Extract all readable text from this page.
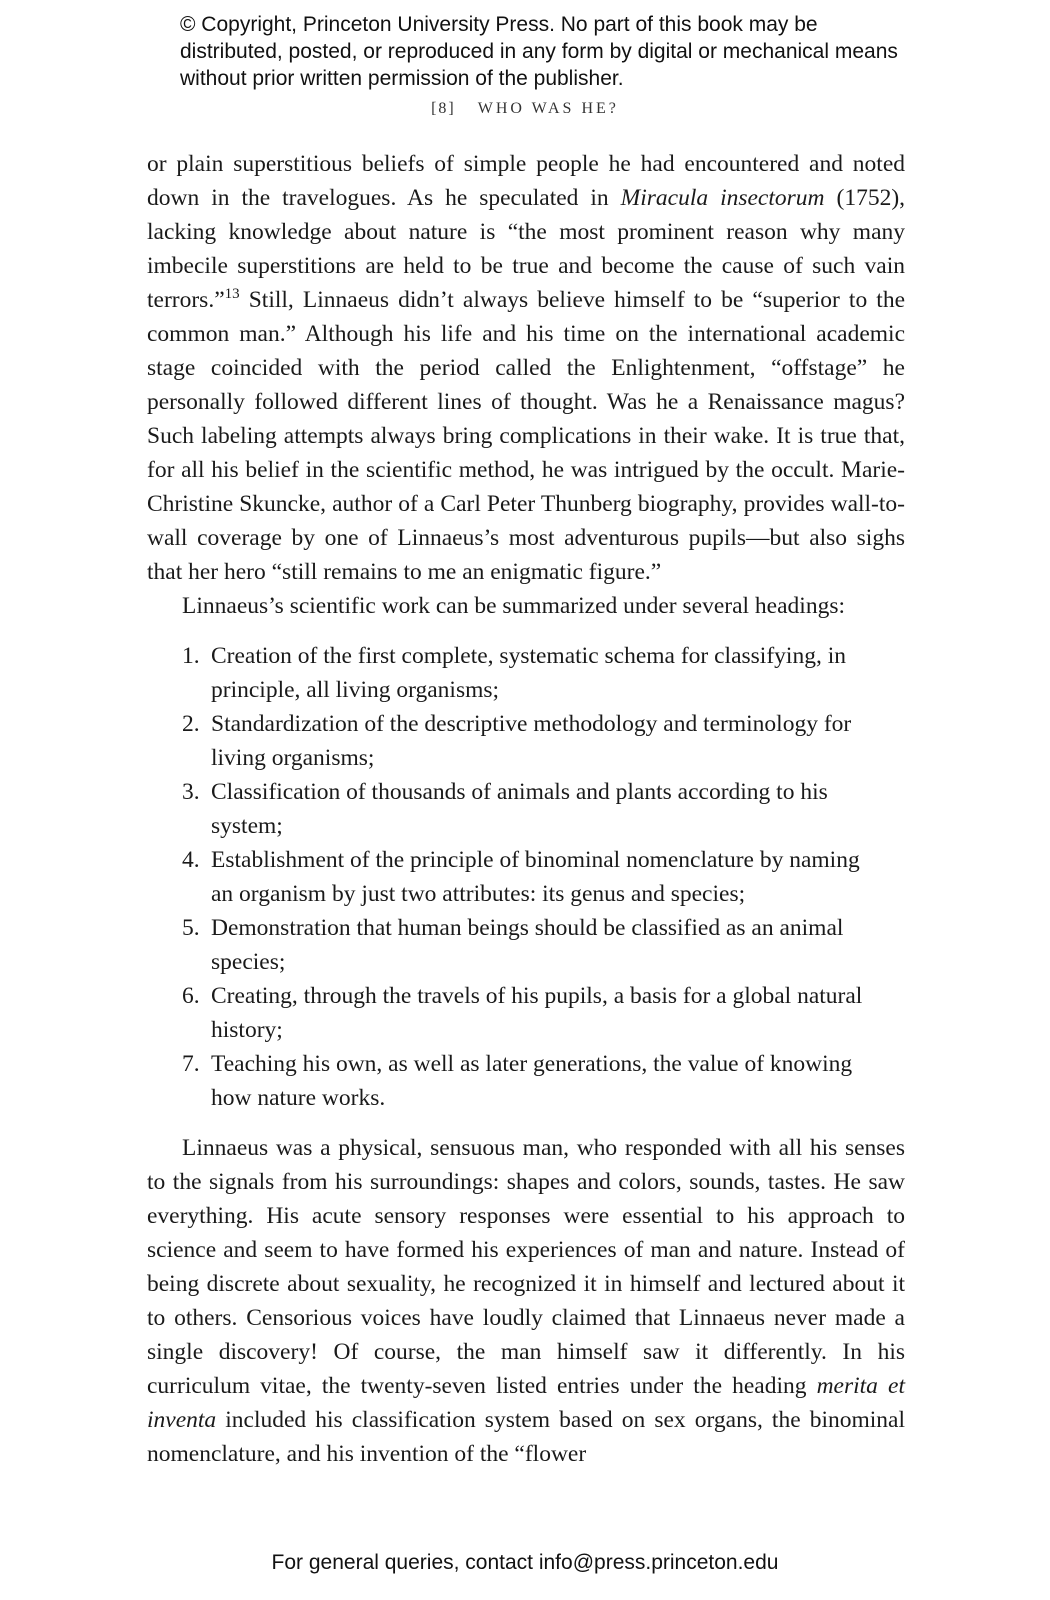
© Copyright, Princeton University Press. No part of this book may be distributed, posted, or reproduced in any form by digital or mechanical means without prior written permission of the publisher.
[8] WHO WAS HE?

or plain superstitious beliefs of simple people he had encountered and noted down in the travelogues. As he speculated in Miracula insectorum (1752), lacking knowledge about nature is “the most prominent reason why many imbecile superstitions are held to be true and become the cause of such vain terrors.”$^{13}$ Still, Linnaeus didn’t always believe himself to be “superior to the common man.” Although his life and his time on the international academic stage coincided with the period called the Enlightenment, “offstage” he personally followed different lines of thought. Was he a Renaissance magus? Such labeling attempts always bring complications in their wake. It is true that, for all his belief in the scientific method, he was intrigued by the occult. Marie-Christine Skuncke, author of a Carl Peter Thunberg biography, provides wall-to-wall coverage by one of Linnaeus’s most adventurous pupils—but also sighs that her hero “still remains to me an enigmatic figure.”

Linnaeus’s scientific work can be summarized under several headings:

1. Creation of the first complete, systematic schema for classifying, in principle, all living organisms;
2. Standardization of the descriptive methodology and terminology for living organisms;
3. Classification of thousands of animals and plants according to his system;
4. Establishment of the principle of binominal nomenclature by naming an organism by just two attributes: its genus and species;
5. Demonstration that human beings should be classified as an animal species;
6. Creating, through the travels of his pupils, a basis for a global natural history;
7. Teaching his own, as well as later generations, the value of knowing how nature works.

Linnaeus was a physical, sensuous man, who responded with all his senses to the signals from his surroundings: shapes and colors, sounds, tastes. He saw everything. His acute sensory responses were essential to his approach to science and seem to have formed his experiences of man and nature. Instead of being discrete about sexuality, he recognized it in himself and lectured about it to others. Censorious voices have loudly claimed that Linnaeus never made a single discovery! Of course, the man himself saw it differently. In his curriculum vitae, the twenty-seven listed entries under the heading merita et inventa included his classification system based on sex organs, the binominal nomenclature, and his invention of the “flower

For general queries, contact info@press.princeton.edu
